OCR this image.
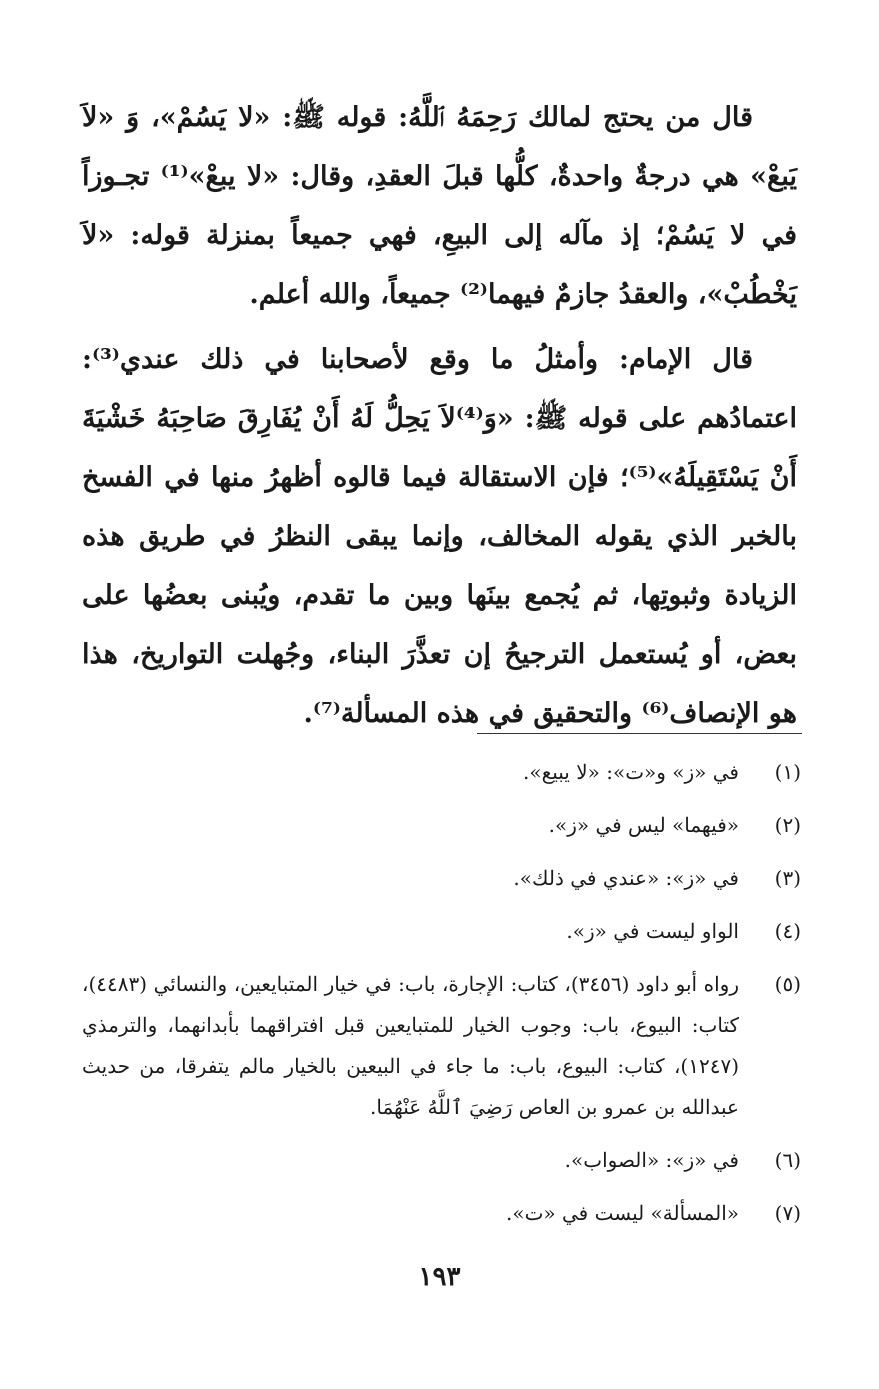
قال من يحتج لمالك رَحِمَهُ ٱللَّهُ: قوله ﷺ: «لا يَسُمْ»، وَ «لاَ يَبعْ» هي درجةٌ واحدةٌ، كلُّها قبلَ العقدِ، وقال: «لا يبعْ»⁽¹⁾ تجـوزاً في لا يَسُمْ؛ إذ مآله إلى البيعِ، فهي جميعاً بمنزلة قوله: «لاَ يَخْطُبْ»، والعقدُ جازمٌ فيهما⁽²⁾ جميعاً، والله أعلم.

قال الإمام: وأمثلُ ما وقع لأصحابنا في ذلك عندي⁽³⁾: اعتمادُهم على قوله ﷺ: «وَ⁽⁴⁾لاَ يَحِلُّ لَهُ أَنْ يُفَارِقَ صَاحِبَهُ خَشْيَةَ أَنْ يَسْتَقِيلَهُ»⁽⁵⁾؛ فإن الاستقالة فيما قالوه أظهرُ منها في الفسخ بالخبر الذي يقوله المخالف، وإنما يبقى النظرُ في طريق هذه الزيادة وثبوتِها، ثم يُجمع بينَها وبين ما تقدم، ويُبنى بعضُها على بعض، أو يُستعمل الترجيحُ إن تعذَّرَ البناء، وجُهلت التواريخ، هذا هو الإنصاف⁽⁶⁾ والتحقيق في هذه المسألة⁽⁷⁾.

(١)
في «ز» و«ت»: «لا يبيع».
(٢)
«فيهما» ليس في «ز».
(٣)
في «ز»: «عندي في ذلك».
(٤)
الواو ليست في «ز».
(٥)
رواه أبو داود (٣٤٥٦)، كتاب: الإجارة، باب: في خيار المتبايعين، والنسائي (٤٤٨٣)، كتاب: البيوع، باب: وجوب الخيار للمتبايعين قبل افتراقهما بأبدانهما، والترمذي (١٢٤٧)، كتاب: البيوع، باب: ما جاء في البيعين بالخيار مالم يتفرقا، من حديث عبدالله بن عمرو بن العاص رَضِيَ ٱللَّهُ عَنْهُمَا.
(٦)
في «ز»: «الصواب».
(٧)
«المسألة» ليست في «ت».
١٩٣
